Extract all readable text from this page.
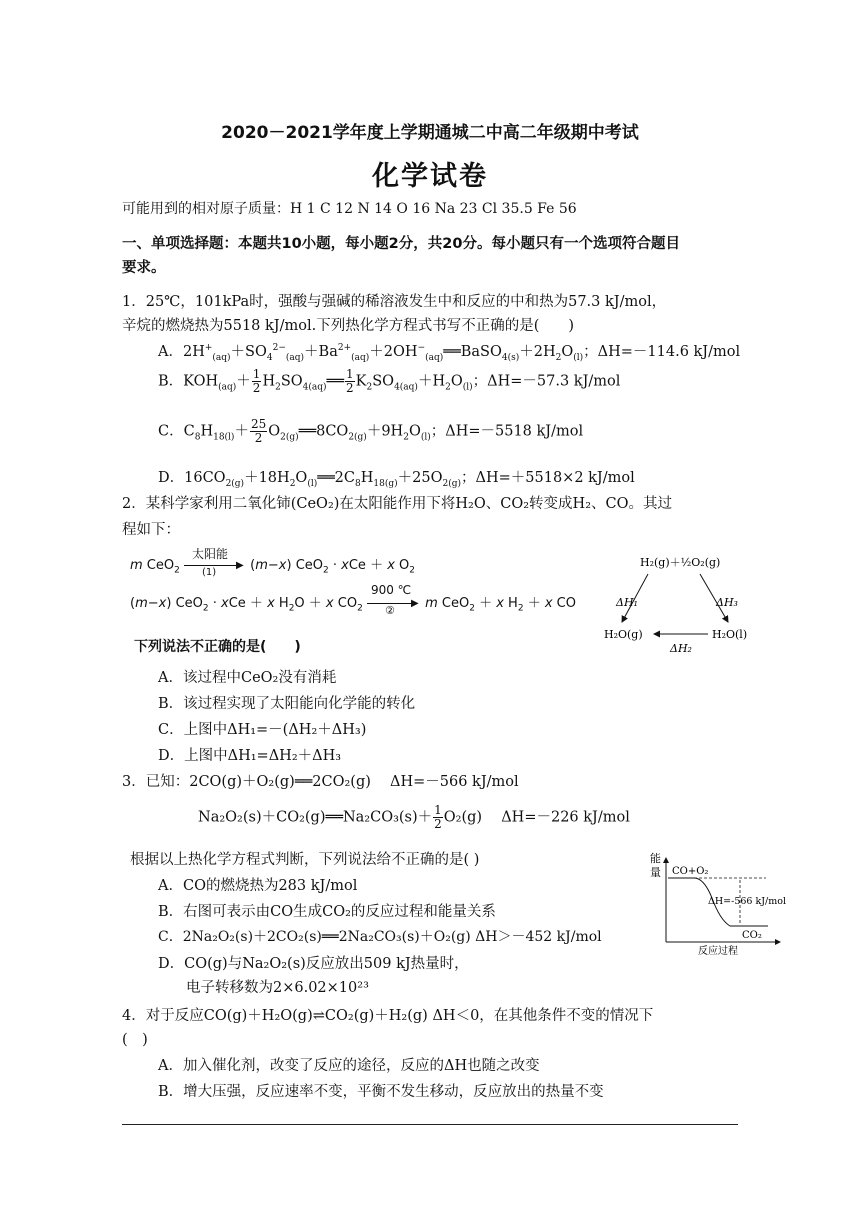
2020－2021学年度上学期通城二中高二年级期中考试
化学试卷
可能用到的相对原子质量：H 1 C 12 N 14 O 16 Na 23 Cl 35.5 Fe 56
一、单项选择题：本题共10小题，每小题2分，共20分。每小题只有一个选项符合题目
要求。
1．25℃，101kPa时，强酸与强碱的稀溶液发生中和反应的中和热为57.3 kJ/mol，
辛烷的燃烧热为5518 kJ/mol.下列热化学方程式书写不正确的是(　　)
A．$2H^+_{(aq)}+SO_4^{2-}_{(aq)}+Ba^{2+}_{(aq)}+2OH^-_{(aq)}══BaSO_{4(s)}+2H_2O_{(l)}$；ΔH=－114.6 kJ/mol
B．$KOH_{(aq)}+ \frac{1}{2}$ $H_2SO_{4(aq)}══ \frac{1}{2} K_2SO_{4(aq)}+H_2O_{(l)}$；ΔH=－57.3 kJ/mol
C．$C_8H_{18(l)}+ \frac{25}{2}$ $O_{2(g)}══8CO_{2(g)}+9H_2O_{(l)}$；ΔH=－5518 kJ/mol
D．$16CO_{2(g)}+18H_2O_{(l)}══2C_8H_{18(g)}+25O_{2(g)}$；ΔH=＋5518×2 kJ/mol
2．某科学家利用二氧化铈(CeO₂)在太阳能作用下将H₂O、CO₂转变成H₂、CO。其过
程如下：
m CeO$_2$
太阳能
▶
(1) (m−x) CeO$_2$ · xCe ＋ x $O_2$
(m−x) CeO$_2$ · xCe ＋ x $H_2O + x$ $CO_2$
900 ℃
▶
② m CeO$_2$ ＋ x $H_2 + x$ CO
下列说法不正确的是(　　)
H₂(g)＋½O₂(g)
ΔH₁	ΔH₃
H₂O(g)	H₂O(l)
ΔH₂
A．该过程中CeO₂没有消耗
B．该过程实现了太阳能向化学能的转化
C．上图中ΔH₁=－(ΔH₂＋ΔH₃)
D．上图中ΔH₁=ΔH₂＋ΔH₃
3．已知：2CO(g)＋O₂(g)══2CO₂(g)　 ΔH=－566 kJ/mol
Na₂O₂(s)＋CO₂(g)══Na₂CO₃(s)＋ $\frac{1}{2} O_2(g)$　 ΔH=－226 kJ/mol
根据以上热化学方程式判断，下列说法给不正确的是( )	能
量 CO+O₂
ΔH=-566 kJ/mol
CO₂
反应过程
A．CO的燃烧热为283 kJ/mol
B．右图可表示由CO生成CO₂的反应过程和能量关系
C．2Na₂O₂(s)＋2CO₂(s)══2Na₂CO₃(s)＋O₂(g) ΔH＞－452 kJ/mol
D．CO(g)与Na₂O₂(s)反应放出509 kJ热量时，
电子转移数为2×6.02×10²³
4．对于反应CO(g)＋H₂O(g)⇌CO₂(g)＋H₂(g) ΔH＜0，在其他条件不变的情况下
(　)
A．加入催化剂，改变了反应的途径，反应的ΔH也随之改变
B．增大压强，反应速率不变，平衡不发生移动，反应放出的热量不变
